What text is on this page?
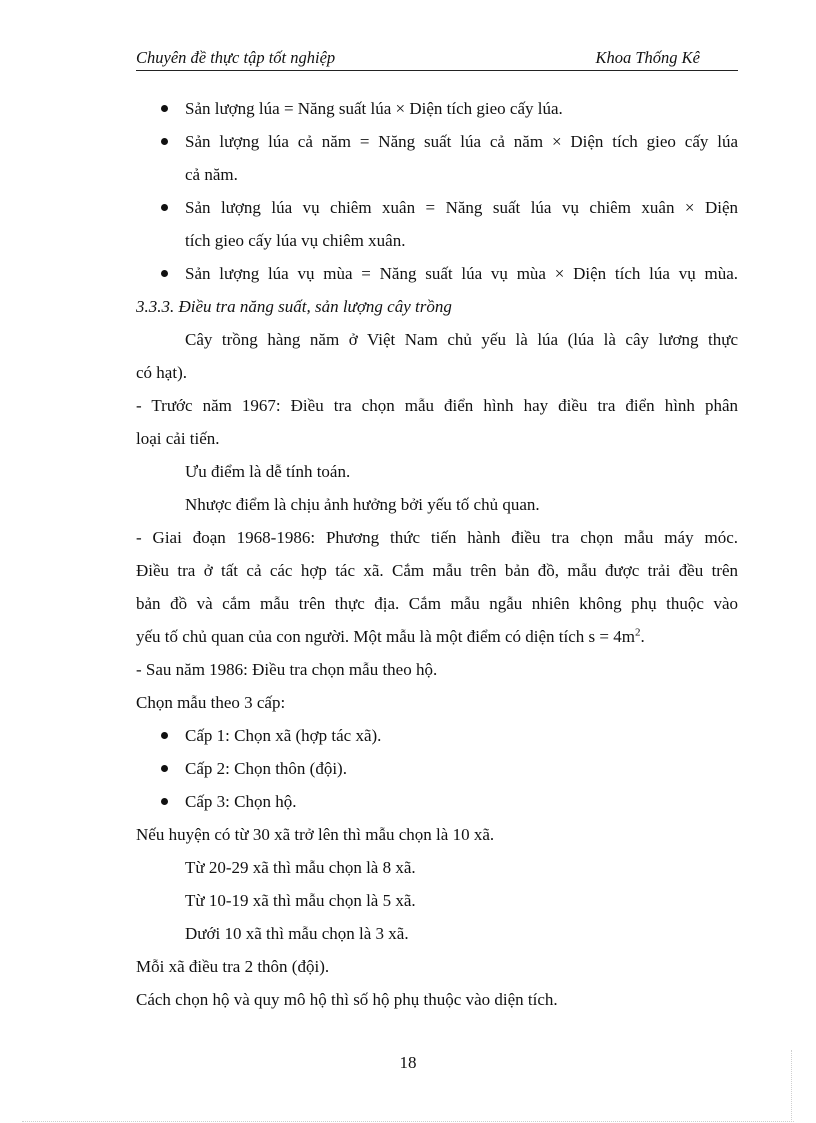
Chuyên đề thực tập tốt nghiệp	Khoa Thống Kê
Sản lượng lúa = Năng suất lúa × Diện tích gieo cấy lúa.
Sản lượng lúa cả năm = Năng suất lúa cả năm × Diện tích gieo cấy lúa
cả năm.
Sản lượng lúa vụ chiêm xuân = Năng suất lúa vụ chiêm xuân × Diện
tích gieo cấy lúa vụ chiêm xuân.
Sản lượng lúa vụ mùa = Năng suất lúa vụ mùa × Diện tích lúa vụ mùa.
3.3.3. Điều tra năng suất, sản lượng cây trồng
Cây trồng hàng năm ở Việt Nam chủ yếu là lúa (lúa là cây lương thực
có hạt).
- Trước năm 1967: Điều tra chọn mẫu điển hình hay điều tra điển hình phân
loại cải tiến.
Ưu điểm là dễ tính toán.
Nhược điểm là chịu ảnh hưởng bởi yếu tố chủ quan.
- Giai đoạn 1968-1986: Phương thức tiến hành điều tra chọn mẫu máy móc.
Điều tra ở tất cả các hợp tác xã. Cắm mẫu trên bản đồ, mẫu được trải đều trên
bản đồ và cắm mẫu trên thực địa. Cắm mẫu ngẫu nhiên không phụ thuộc vào
yếu tố chủ quan của con người. Một mẫu là một điểm có diện tích $s = 4m^2$.
- Sau năm 1986: Điều tra chọn mẫu theo hộ.
Chọn mẫu theo 3 cấp:
Cấp 1: Chọn xã (hợp tác xã).
Cấp 2: Chọn thôn (đội).
Cấp 3: Chọn hộ.
Nếu huyện có từ 30 xã trở lên thì mẫu chọn là 10 xã.
Từ 20-29 xã thì mẫu chọn là 8 xã.
Từ 10-19 xã thì mẫu chọn là 5 xã.
Dưới 10 xã thì mẫu chọn là 3 xã.
Mỗi xã điều tra 2 thôn (đội).
Cách chọn hộ và quy mô hộ thì số hộ phụ thuộc vào diện tích.
18
